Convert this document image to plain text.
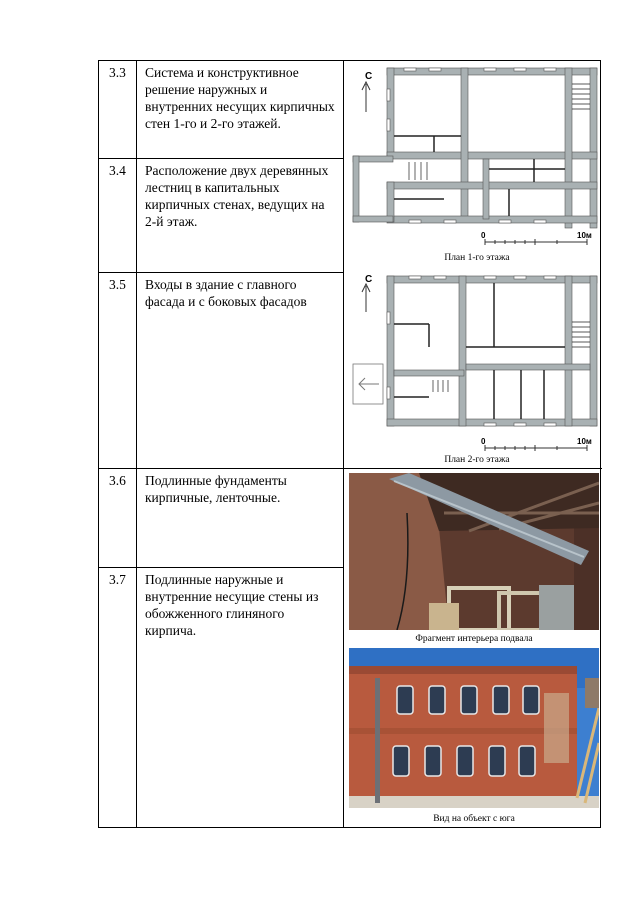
3.3 Система и конструктивное решение наружных и внутренних несущих кирпичных стен 1-го и 2-го этажей.
3.4 Расположение двух деревянных лестниц в капитальных кирпичных стенах, ведущих на 2-й этаж.
3.5 Входы в здание с главного фасада и с боковых фасадов
3.6 Подлинные фундаменты кирпичные, ленточные.
3.7 Подлинные наружные и внутренние несущие стены из обожженного глиняного кирпича.
С
0	10м
План 1-го этажа
С
0	10м
План 2-го этажа
Фрагмент интерьера подвала
Вид на объект с юга
